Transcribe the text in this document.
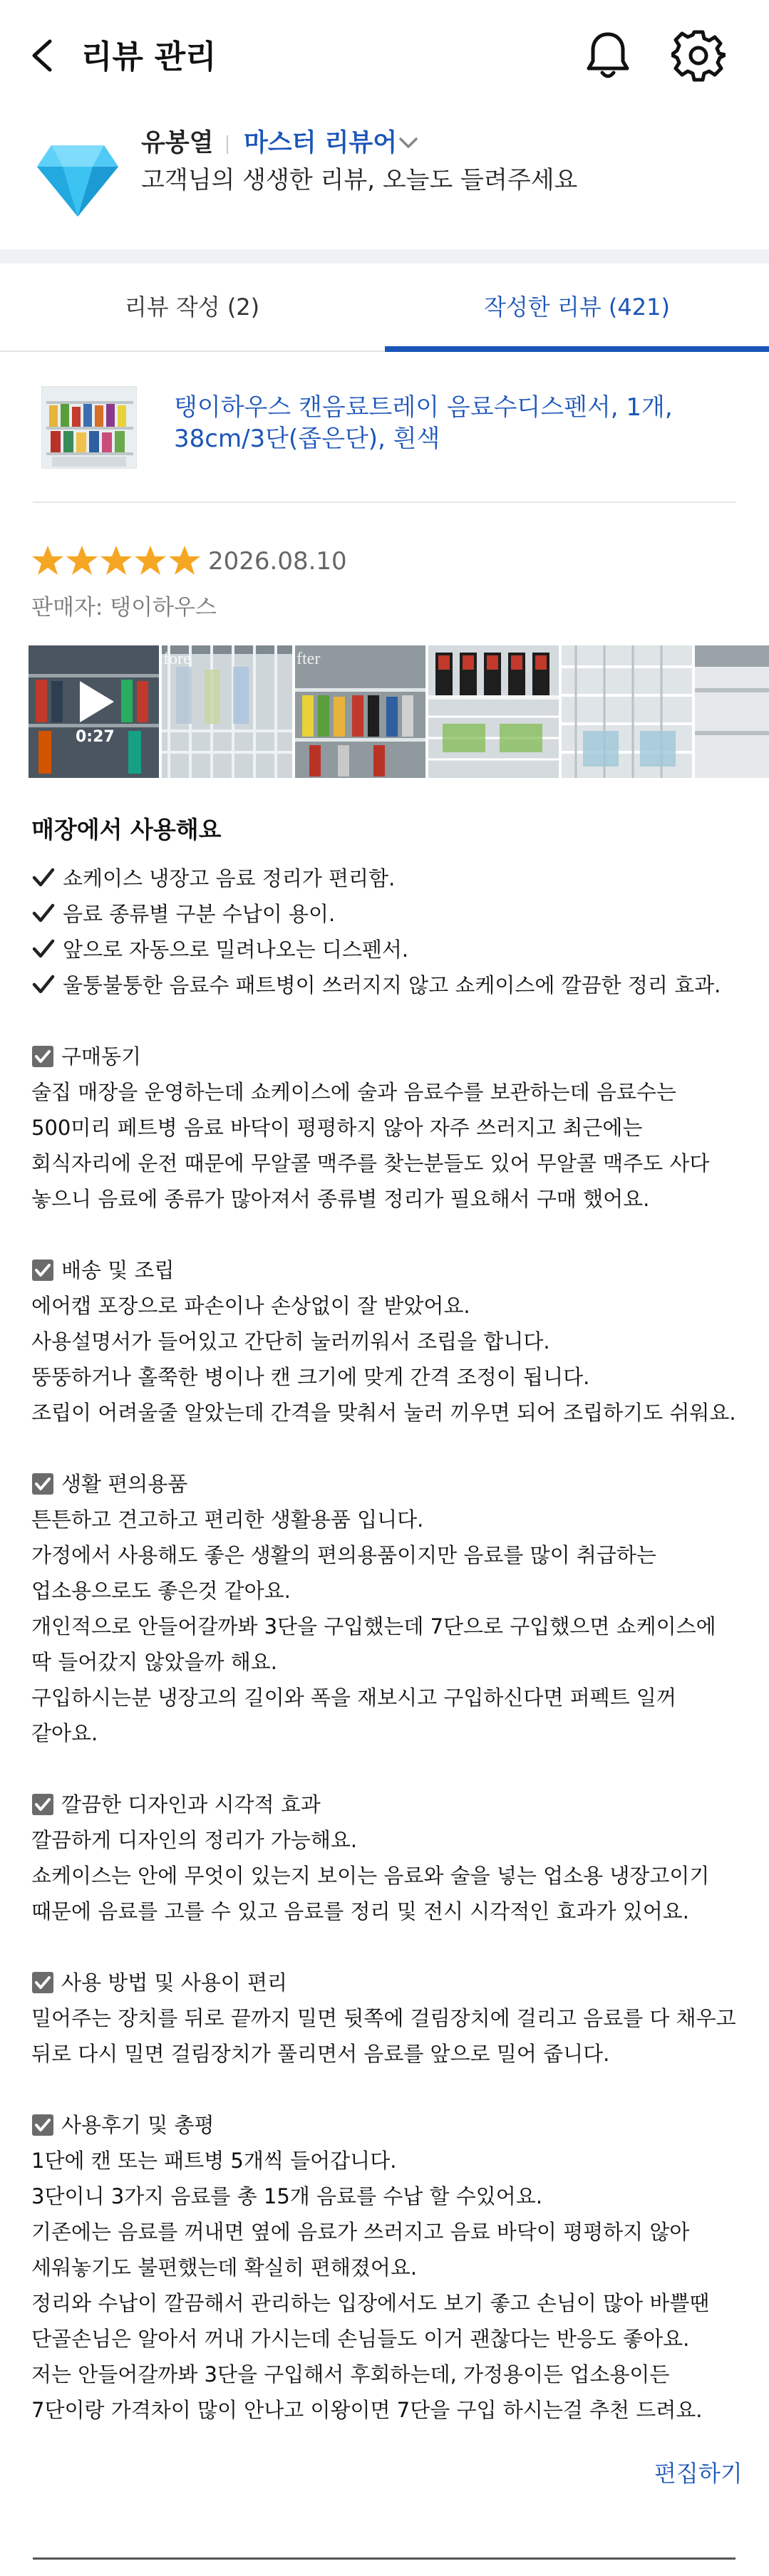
리뷰 관리
유봉열 마스터 리뷰어
고객님의 생생한 리뷰, 오늘도 들려주세요
리뷰 작성 (2)	작성한 리뷰 (421)
탱이하우스 캔음료트레이 음료수디스펜서, 1개,
38cm/3단(좁은단), 흰색
2026.08.10
판매자: 탱이하우스
0:27
fore	fter
매장에서 사용해요
쇼케이스 냉장고 음료 정리가 편리함.
음료 종류별 구분 수납이 용이.
앞으로 자동으로 밀려나오는 디스펜서.
울퉁불퉁한 음료수 패트병이 쓰러지지 않고 쇼케이스에 깔끔한 정리 효과.
구매동기
술집 매장을 운영하는데 쇼케이스에 술과 음료수를 보관하는데 음료수는
500미리 페트병 음료 바닥이 평평하지 않아 자주 쓰러지고 최근에는
회식자리에 운전 때문에 무알콜 맥주를 찾는분들도 있어 무알콜 맥주도 사다
놓으니 음료에 종류가 많아져서 종류별 정리가 필요해서 구매 했어요.
배송 및 조립
에어캡 포장으로 파손이나 손상없이 잘 받았어요.
사용설명서가 들어있고 간단히 눌러끼워서 조립을 합니다.
뚱뚱하거나 홀쭉한 병이나 캔 크기에 맞게 간격 조정이 됩니다.
조립이 어려울줄 알았는데 간격을 맞춰서 눌러 끼우면 되어 조립하기도 쉬워요.
생활 편의용품
튼튼하고 견고하고 편리한 생활용품 입니다.
가정에서 사용해도 좋은 생활의 편의용품이지만 음료를 많이 취급하는
업소용으로도 좋은것 같아요.
개인적으로 안들어갈까봐 3단을 구입했는데 7단으로 구입했으면 쇼케이스에
딱 들어갔지 않았을까 해요.
구입하시는분 냉장고의 길이와 폭을 재보시고 구입하신다면 퍼펙트 일꺼
같아요.
깔끔한 디자인과 시각적 효과
깔끔하게 디자인의 정리가 가능해요.
쇼케이스는 안에 무엇이 있는지 보이는 음료와 술을 넣는 업소용 냉장고이기
때문에 음료를 고를 수 있고 음료를 정리 및 전시 시각적인 효과가 있어요.
사용 방법 및 사용이 편리
밀어주는 장치를 뒤로 끝까지 밀면 뒷쪽에 걸림장치에 걸리고 음료를 다 채우고
뒤로 다시 밀면 걸림장치가 풀리면서 음료를 앞으로 밀어 줍니다.
사용후기 및 총평
1단에 캔 또는 패트병 5개씩 들어갑니다.
3단이니 3가지 음료를 총 15개 음료를 수납 할 수있어요.
기존에는 음료를 꺼내면 옆에 음료가 쓰러지고 음료 바닥이 평평하지 않아
세워놓기도 불편했는데 확실히 편해졌어요.
정리와 수납이 깔끔해서 관리하는 입장에서도 보기 좋고 손님이 많아 바쁠땐
단골손님은 알아서 꺼내 가시는데 손님들도 이거 괜찮다는 반응도 좋아요.
저는 안들어갈까봐 3단을 구입해서 후회하는데, 가정용이든 업소용이든
7단이랑 가격차이 많이 안나고 이왕이면 7단을 구입 하시는걸 추천 드려요.
편집하기
